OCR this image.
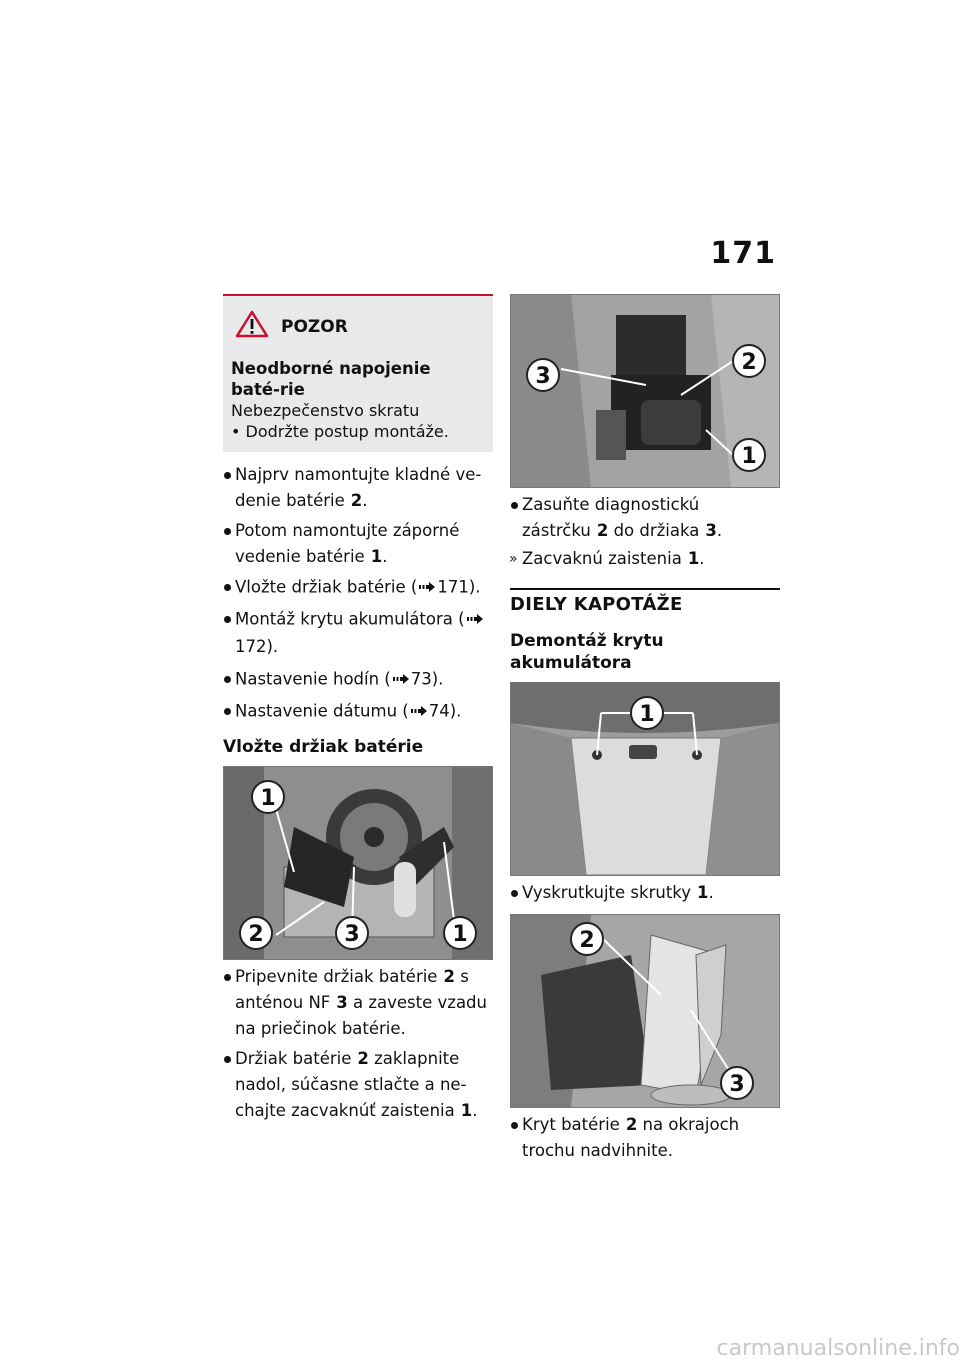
171
POZOR
Neodborné napojenie baté-rie
Nebezpečenstvo skratu
• Dodržte postup montáže.
Najprv namontujte kladné ve-denie batérie 2.
Potom namontujte záporné vedenie batérie 1.
Vložte držiak batérie ( 171).
Montáž krytu akumulátora (172).
Nastavenie hodín ( 73).
Nastavenie dátumu ( 74).
Vložte držiak batérie
1
2	3	1
Pripevnite držiak batérie 2 s anténou NF 3 a zaveste vzadu na priečinok batérie.
Držiak batérie 2 zaklapnite nadol, súčasne stlačte a ne-chajte zacvaknúť zaistenia 1.
3
2
1
Zasuňte diagnostickú zástrčku 2 do držiaka 3.
» Zacvaknú zaistenia 1.
DIELY KAPOTÁŽE
Demontáž krytu akumulátora
1
Vyskrutkujte skrutky 1.
2
3
Kryt batérie 2 na okrajoch trochu nadvihnite.
carmanualsonline.info
